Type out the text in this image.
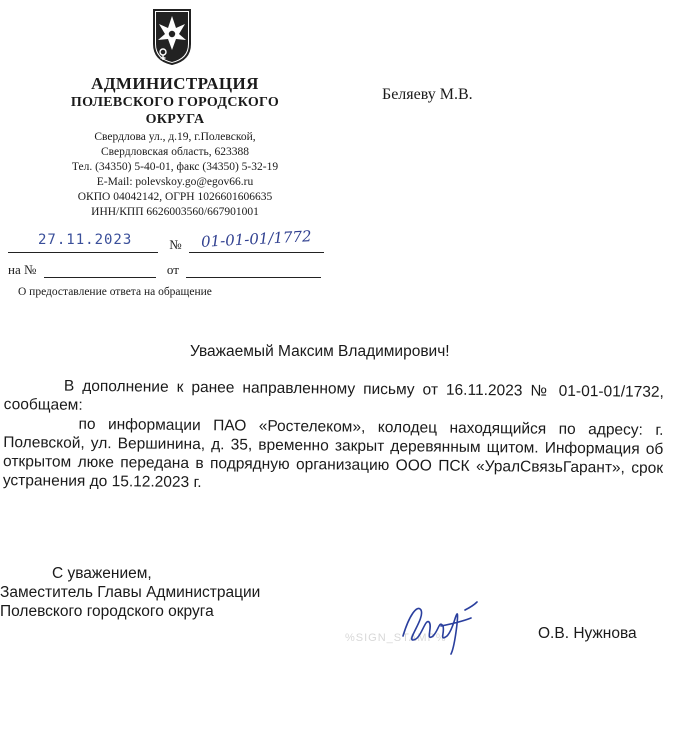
АДМИНИСТРАЦИЯ
ПОЛЕВСКОГО ГОРОДСКОГО
ОКРУГА
Свердлова ул., д.19, г.Полевской,
Свердловская область, 623388
Тел. (34350) 5-40-01, факс (34350) 5-32-19
E-Mail: polevskoy.go@egov66.ru
ОКПО 04042142, ОГРН 1026601606635
ИНН/КПП 6626003560/667901001
Беляеву М.В.
27.11.2023	№ 01-01-01/1772
на №	от
О предоставление ответа на обращение
Уважаемый Максим Владимирович!

В дополнение к ранее направленному письму от 16.11.2023 № 01-01-01/1732, сообщаем:

по информации ПАО «Ростелеком», колодец находящийся по адресу: г. Полевской, ул. Вершинина, д. 35, временно закрыт деревянным щитом. Информация об открытом люке передана в подрядную организацию ООО ПСК «УралСвязьГарант», срок устранения до 15.12.2023 г.

С уважением,
Заместитель Главы Администрации
Полевского городского округа
%SIGN_STAMP%	О.В. Нужнова
